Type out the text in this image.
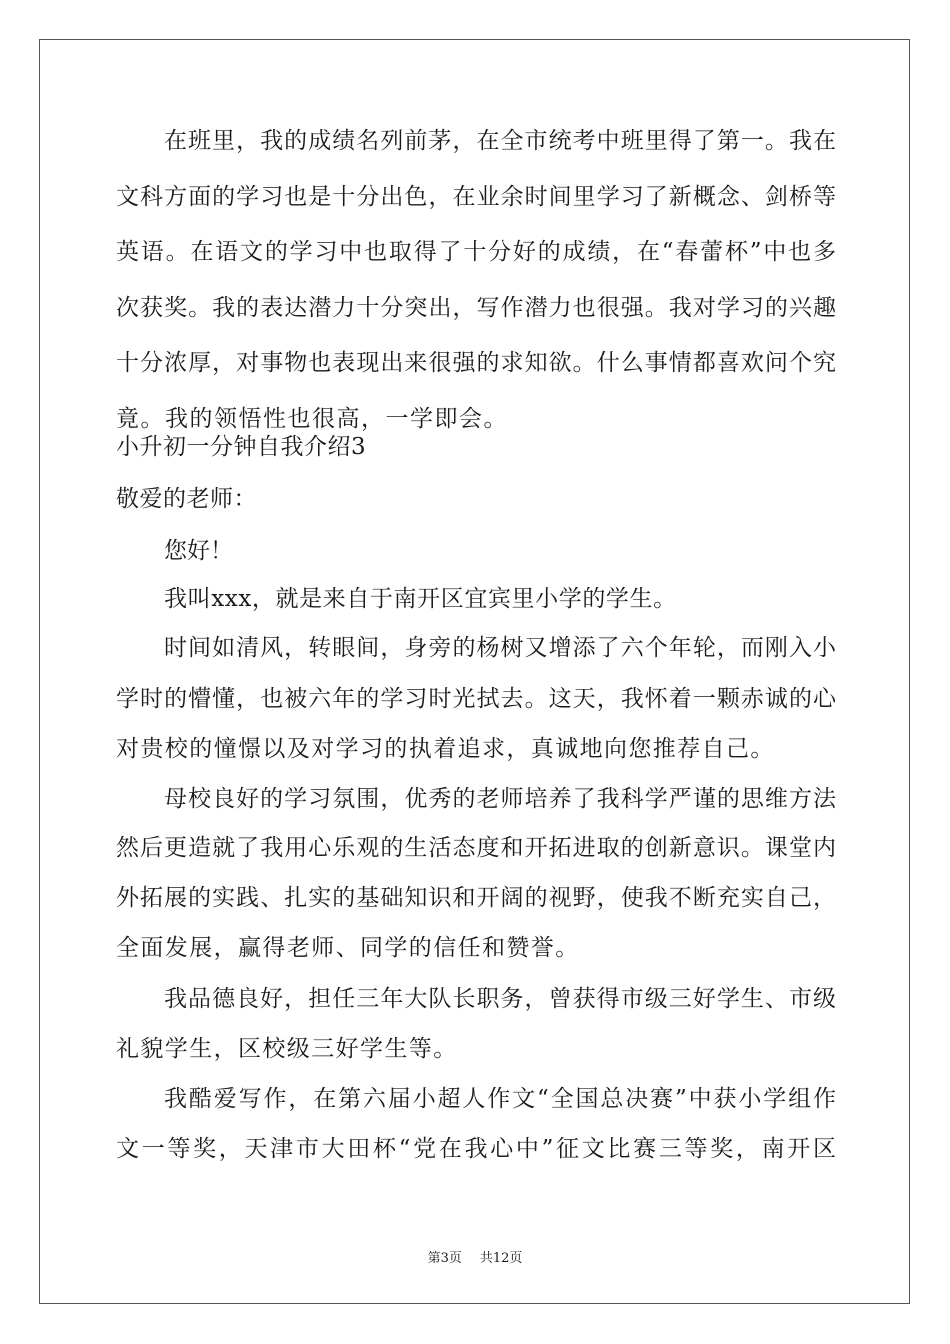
在班里，我的成绩名列前茅，在全市统考中班里得了第一。我在
文科方面的学习也是十分出色，在业余时间里学习了新概念、剑桥等
英语。在语文的学习中也取得了十分好的成绩，在“春蕾杯”中也多
次获奖。我的表达潜力十分突出，写作潜力也很强。我对学习的兴趣
十分浓厚，对事物也表现出来很强的求知欲。什么事情都喜欢问个究
竟。我的领悟性也很高，一学即会。
小升初一分钟自我介绍3
敬爱的老师：
您好！
我叫xxx，就是来自于南开区宜宾里小学的学生。
时间如清风，转眼间，身旁的杨树又增添了六个年轮，而刚入小
学时的懵懂，也被六年的学习时光拭去。这天，我怀着一颗赤诚的心
对贵校的憧憬以及对学习的执着追求，真诚地向您推荐自己。
母校良好的学习氛围，优秀的老师培养了我科学严谨的思维方法
然后更造就了我用心乐观的生活态度和开拓进取的创新意识。课堂内
外拓展的实践、扎实的基础知识和开阔的视野，使我不断充实自己，
全面发展，赢得老师、同学的信任和赞誉。
我品德良好，担任三年大队长职务，曾获得市级三好学生、市级
礼貌学生，区校级三好学生等。
我酷爱写作，在第六届小超人作文“全国总决赛”中获小学组作
文一等奖，天津市大田杯“党在我心中”征文比赛三等奖，南开区
第3页 共12页
